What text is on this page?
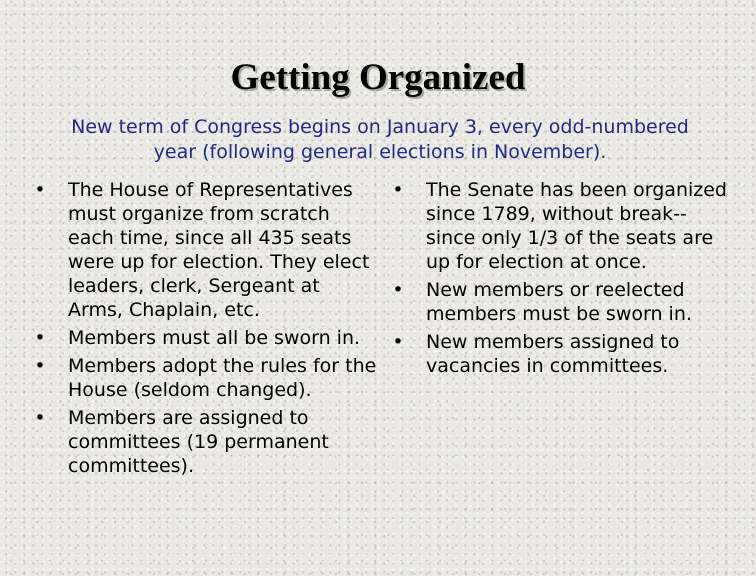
Getting Organized

New term of Congress begins on January 3, every odd-numbered year (following general elections in November).

• The House of Representatives must organize from scratch each time, since all 435 seats were up for election. They elect leaders, clerk, Sergeant at Arms, Chaplain, etc.
• Members must all be sworn in.
• Members adopt the rules for the House (seldom changed).
• Members are assigned to committees (19 permanent committees).
• The Senate has been organized since 1789, without break--since only 1/3 of the seats are up for election at once.
• New members or reelected members must be sworn in.
• New members assigned to vacancies in committees.
